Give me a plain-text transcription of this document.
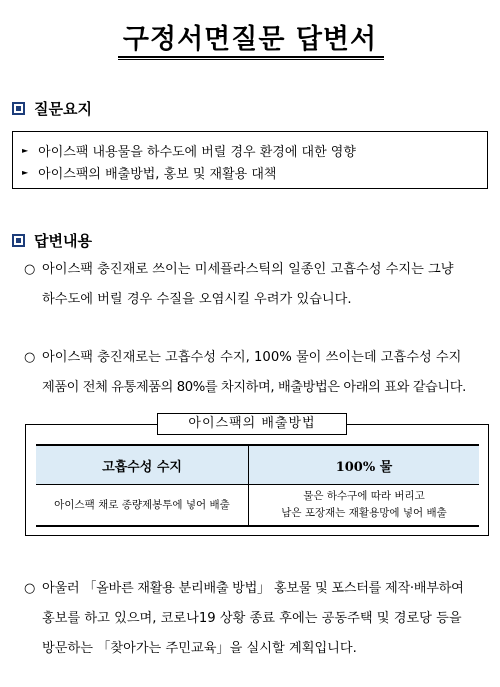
구정서면질문 답변서
질문요지
► 아이스팩 내용물을 하수도에 버릴 경우 환경에 대한 영향
► 아이스팩의 배출방법, 홍보 및 재활용 대책
답변내용
○ 아이스팩 충진재로 쓰이는 미세플라스틱의 일종인 고흡수성 수지는 그냥
하수도에 버릴 경우 수질을 오염시킬 우려가 있습니다.
○ 아이스팩 충진재로는 고흡수성 수지, 100% 물이 쓰이는데 고흡수성 수지
제품이 전체 유통제품의 80%를 차지하며, 배출방법은 아래의 표와 같습니다.
아이스팩의 배출방법
고흡수성 수지	100% 물
아이스팩 채로 종량제봉투에 넣어 배출	물은 하수구에 따라 버리고
남은 포장재는 재활용망에 넣어 배출
○ 아울러 「올바른 재활용 분리배출 방법」 홍보물 및 포스터를 제작·배부하여
홍보를 하고 있으며, 코로나19 상황 종료 후에는 공동주택 및 경로당 등을
방문하는 「찾아가는 주민교육」을 실시할 계획입니다.
